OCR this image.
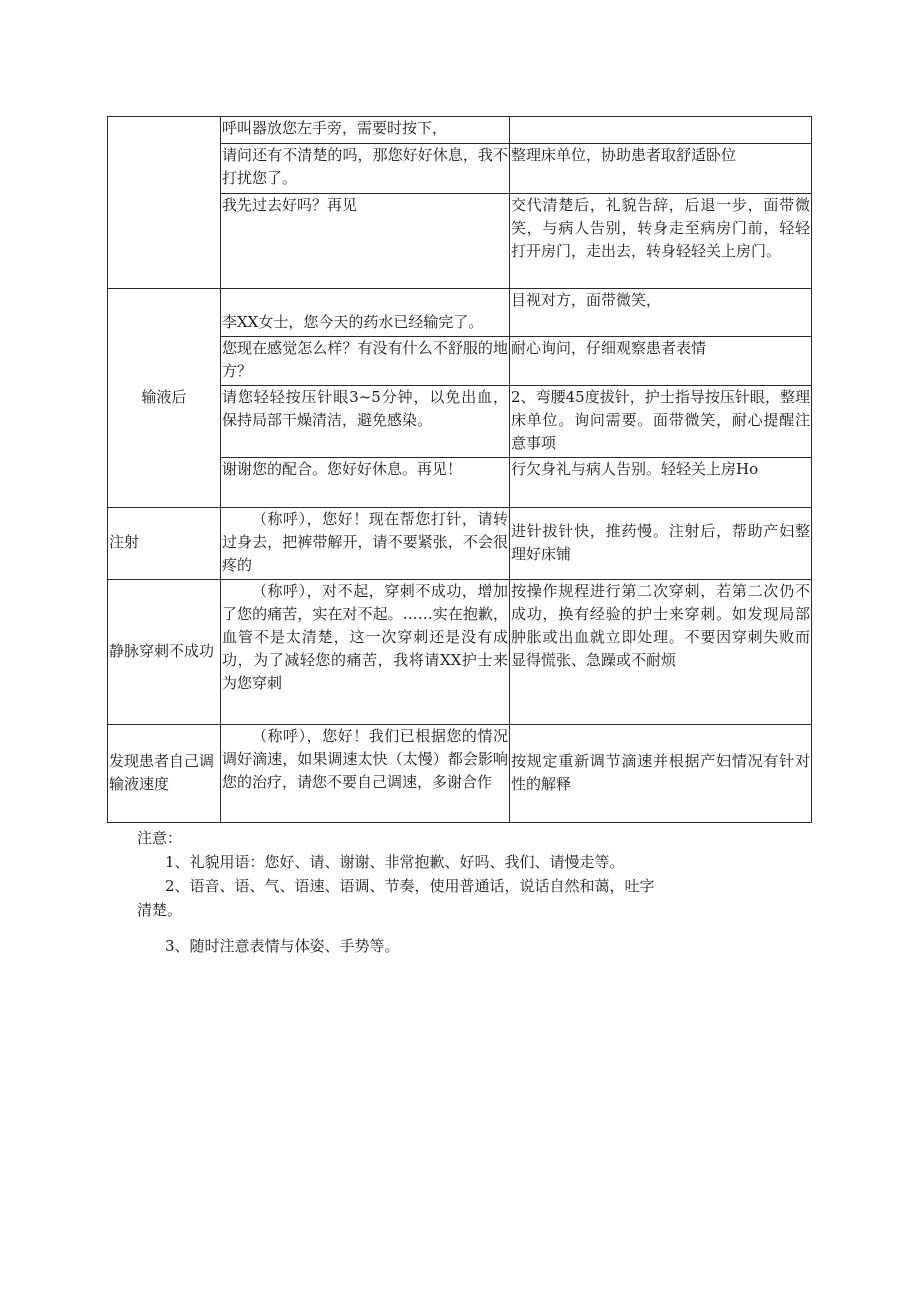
	呼叫器放您左手旁，需要时按下，	
	请问还有不清楚的吗，那您好好休息，我不打扰您了。	整理床单位，协助患者取舒适卧位
	我先过去好吗？再见	交代清楚后，礼貌告辞，后退一步，面带微笑，与病人告别，转身走至病房门前，轻轻打开房门，走出去，转身轻轻关上房门。
输液后	李XX女士，您今天的药水已经输完了。	目视对方，面带微笑，
	您现在感觉怎么样？有没有什么不舒服的地方？	耐心询问，仔细观察患者表情
	请您轻轻按压针眼3~5分钟，以免出血，保持局部干燥清洁，避免感染。	2、弯腰45度拔针，护士指导按压针眼，整理床单位。询问需要。面带微笑，耐心提醒注意事项
	谢谢您的配合。您好好休息。再见！	行欠身礼与病人告别。轻轻关上房Ho
注射	（称呼），您好！现在帮您打针，请转过身去，把裤带解开，请不要紧张，不会很疼的	进针拔针快，推药慢。注射后，帮助产妇整理好床铺
静脉穿刺不成功	（称呼），对不起，穿刺不成功，增加了您的痛苦，实在对不起。……实在抱歉，血管不是太清楚，这一次穿刺还是没有成功，为了减轻您的痛苦，我将请XX护士来为您穿刺	按操作规程进行第二次穿刺，若第二次仍不成功，换有经验的护士来穿刺。如发现局部肿胀或出血就立即处理。不要因穿刺失败而显得慌张、急躁或不耐烦
发现患者自己调输液速度	（称呼），您好！我们已根据您的情况调好滴速，如果调速太快（太慢）都会影响您的治疗，请您不要自己调速，多谢合作	按规定重新调节滴速并根据产妇情况有针对性的解释

注意：

1、礼貌用语：您好、请、谢谢、非常抱歉、好吗、我们、请慢走等。

2、语音、语、气、语速、语调、节奏，使用普通话，说话自然和蔼，吐字

清楚。

3、随时注意表情与体姿、手势等。
